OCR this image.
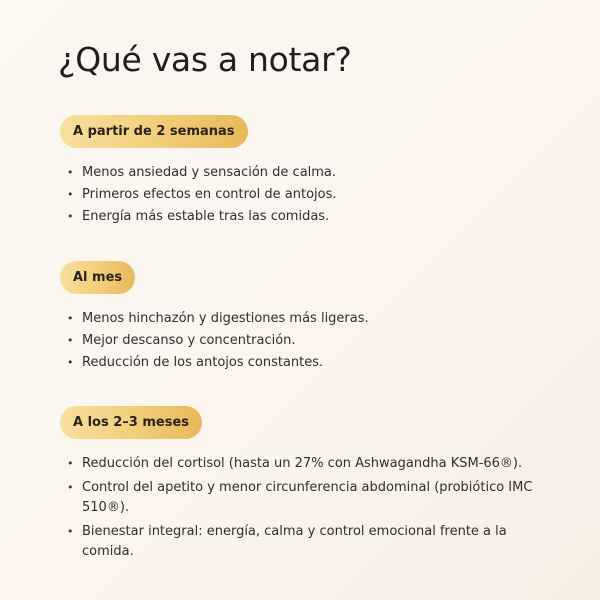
¿Qué vas a notar?
A partir de 2 semanas
• Menos ansiedad y sensación de calma.
• Primeros efectos en control de antojos.
• Energía más estable tras las comidas.
Al mes
• Menos hinchazón y digestiones más ligeras.
• Mejor descanso y concentración.
• Reducción de los antojos constantes.
A los 2–3 meses
• Reducción del cortisol (hasta un 27% con Ashwagandha KSM-66®).
• Control del apetito y menor circunferencia abdominal (probiótico IMC 510®).
• Bienestar integral: energía, calma y control emocional frente a la comida.
